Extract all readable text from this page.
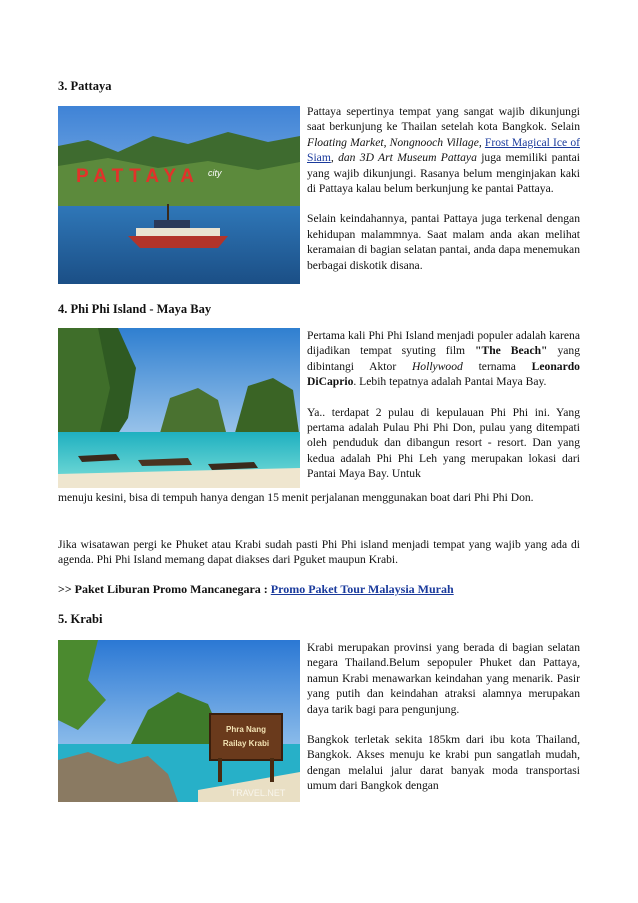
3. Pattaya
PATTAYA city

Pattaya sepertinya tempat yang sangat wajib dikunjungi saat berkunjung ke Thailan setelah kota Bangkok. Selain Floating Market, Nongnooch Village, Frost Magical Ice of Siam, dan 3D Art Museum Pattaya juga memiliki pantai yang wajib dikunjungi. Rasanya belum menginjakan kaki di Pattaya kalau belum berkunjung ke pantai Pattaya.

Selain keindahannya, pantai Pattaya juga terkenal dengan kehidupan malammnya. Saat malam anda akan melihat keramaian di bagian selatan pantai, anda dapa menemukan berbagai diskotik disana.

4. Phi Phi Island - Maya Bay

Pertama kali Phi Phi Island menjadi populer adalah karena dijadikan tempat syuting film "The Beach" yang dibintangi Aktor Hollywood ternama Leonardo DiCaprio. Lebih tepatnya adalah Pantai Maya Bay.

Ya.. terdapat 2 pulau di kepulauan Phi Phi ini. Yang pertama adalah Pulau Phi Phi Don, pulau yang ditempati oleh penduduk dan dibangun resort - resort. Dan yang kedua adalah Phi Phi Leh yang merupakan lokasi dari Pantai Maya Bay. Untuk

menuju kesini, bisa di tempuh hanya dengan 15 menit perjalanan menggunakan boat dari Phi Phi Don.

Jika wisatawan pergi ke Phuket atau Krabi sudah pasti Phi Phi island menjadi tempat yang wajib yang ada di agenda. Phi Phi Island memang dapat diakses dari Pguket maupun Krabi.

>> Paket Liburan Promo Mancanegara : Promo Paket Tour Malaysia Murah
5. Krabi
Phra Nang
Railay Krabi
TRAVEL.NET

Krabi merupakan provinsi yang berada di bagian selatan negara Thailand.Belum sepopuler Phuket dan Pattaya, namun Krabi menawarkan keindahan yang menarik. Pasir yang putih dan keindahan atraksi alamnya merupakan daya tarik bagi para pengunjung.

Bangkok terletak sekita 185km dari ibu kota Thailand, Bangkok. Akses menuju ke krabi pun sangatlah mudah, dengan melalui jalur darat banyak moda transportasi umum dari Bangkok dengan
